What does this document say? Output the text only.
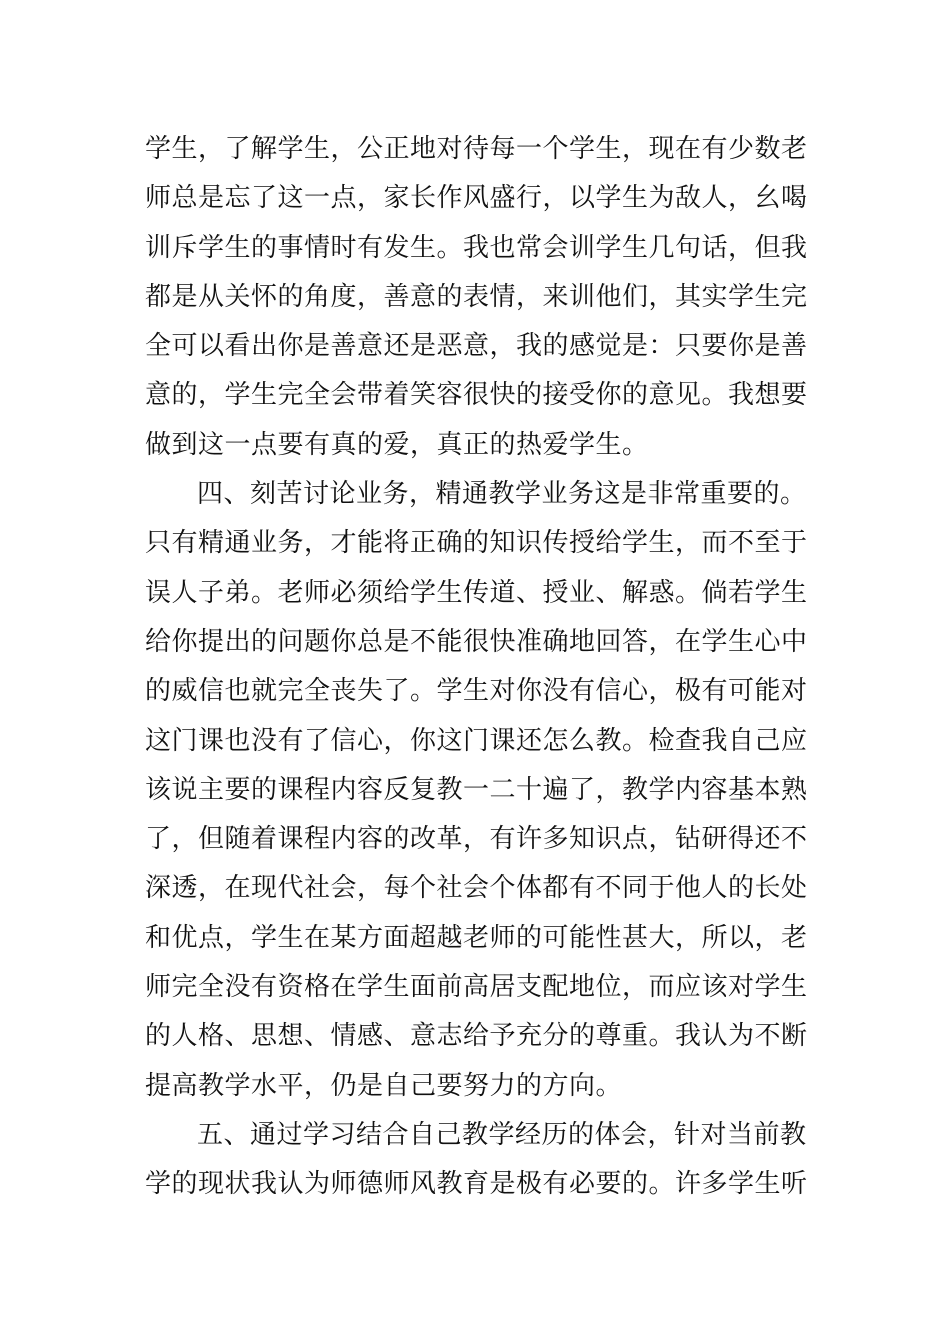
学生，了解学生，公正地对待每一个学生，现在有少数老
师总是忘了这一点，家长作风盛行，以学生为敌人，幺喝
训斥学生的事情时有发生。我也常会训学生几句话，但我
都是从关怀的角度，善意的表情，来训他们，其实学生完
全可以看出你是善意还是恶意，我的感觉是：只要你是善
意的，学生完全会带着笑容很快的接受你的意见。我想要
做到这一点要有真的爱，真正的热爱学生。
四、刻苦讨论业务，精通教学业务这是非常重要的。
只有精通业务，才能将正确的知识传授给学生，而不至于
误人子弟。老师必须给学生传道、授业、解惑。倘若学生
给你提出的问题你总是不能很快准确地回答，在学生心中
的威信也就完全丧失了。学生对你没有信心，极有可能对
这门课也没有了信心，你这门课还怎么教。检查我自己应
该说主要的课程内容反复教一二十遍了，教学内容基本熟
了，但随着课程内容的改革，有许多知识点，钻研得还不
深透，在现代社会，每个社会个体都有不同于他人的长处
和优点，学生在某方面超越老师的可能性甚大，所以，老
师完全没有资格在学生面前高居支配地位，而应该对学生
的人格、思想、情感、意志给予充分的尊重。我认为不断
提高教学水平，仍是自己要努力的方向。
五、通过学习结合自己教学经历的体会，针对当前教
学的现状我认为师德师风教育是极有必要的。许多学生听
